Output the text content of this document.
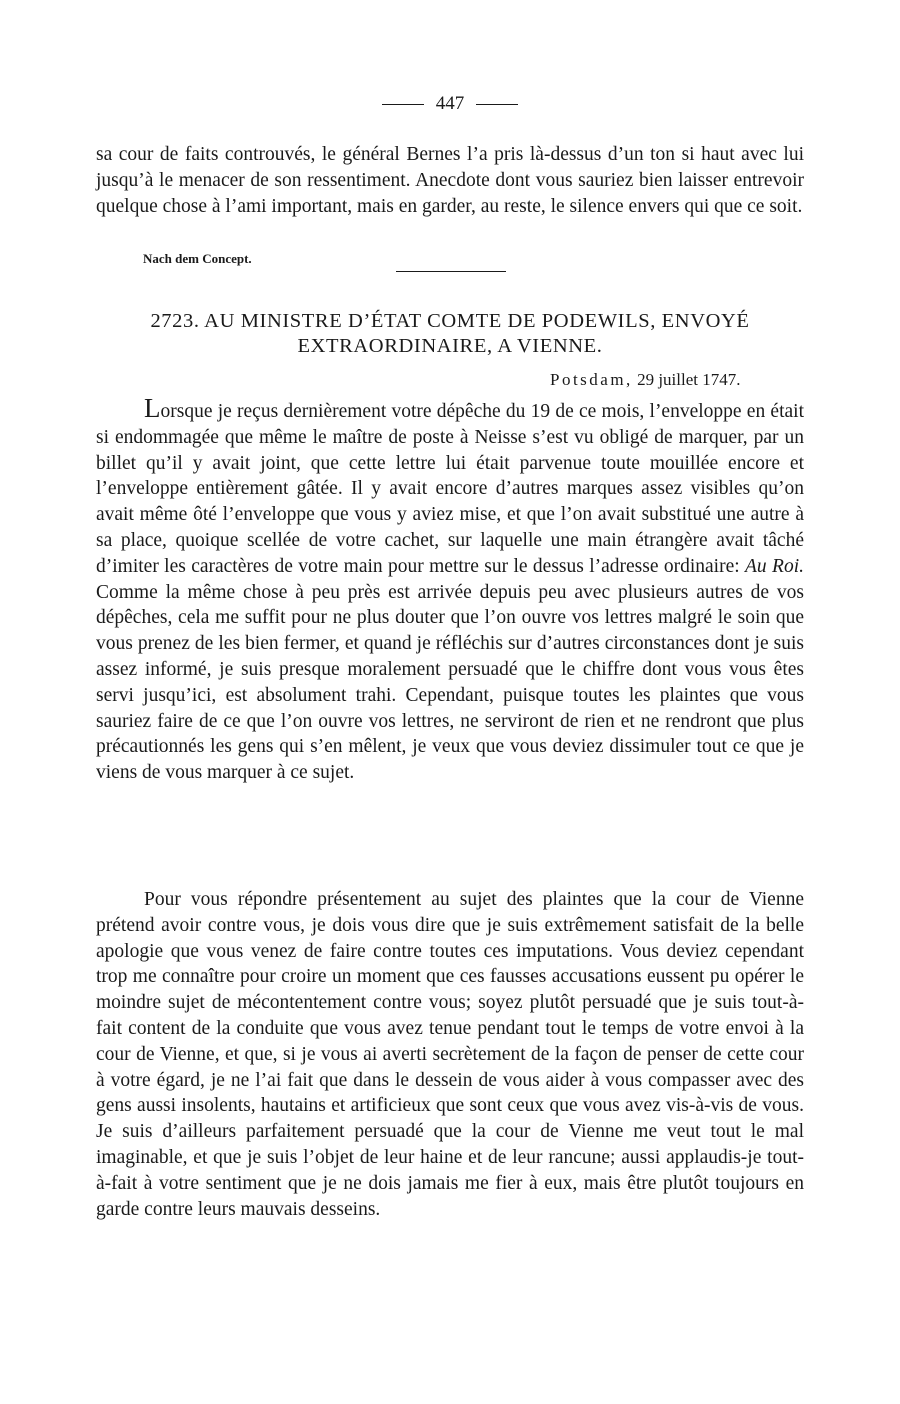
447

sa cour de faits controuvés, le général Bernes l’a pris là-dessus d’un ton si haut avec lui jusqu’à le menacer de son ressentiment. Anecdote dont vous sauriez bien laisser entrevoir quelque chose à l’ami important, mais en garder, au reste, le silence envers qui que ce soit.

Nach dem Concept.
2723. AU MINISTRE D’ÉTAT COMTE DE PODEWILS, ENVOYÉ EXTRAORDINAIRE, A VIENNE.
Potsdam, 29 juillet 1747.

Lorsque je reçus dernièrement votre dépêche du 19 de ce mois, l’enveloppe en était si endommagée que même le maître de poste à Neisse s’est vu obligé de marquer, par un billet qu’il y avait joint, que cette lettre lui était parvenue toute mouillée encore et l’enveloppe entièrement gâtée. Il y avait encore d’autres marques assez visibles qu’on avait même ôté l’enveloppe que vous y aviez mise, et que l’on avait substitué une autre à sa place, quoique scellée de votre cachet, sur laquelle une main étrangère avait tâché d’imiter les caractères de votre main pour mettre sur le dessus l’adresse ordinaire: Au Roi. Comme la même chose à peu près est arrivée depuis peu avec plusieurs autres de vos dépêches, cela me suffit pour ne plus douter que l’on ouvre vos lettres malgré le soin que vous prenez de les bien fermer, et quand je réfléchis sur d’autres circonstances dont je suis assez informé, je suis presque moralement persuadé que le chiffre dont vous vous êtes servi jusqu’ici, est absolument trahi. Cependant, puisque toutes les plaintes que vous sauriez faire de ce que l’on ouvre vos lettres, ne serviront de rien et ne rendront que plus précautionnés les gens qui s’en mêlent, je veux que vous deviez dissimuler tout ce que je viens de vous marquer à ce sujet.

Pour vous répondre présentement au sujet des plaintes que la cour de Vienne prétend avoir contre vous, je dois vous dire que je suis extrêmement satisfait de la belle apologie que vous venez de faire contre toutes ces imputations. Vous deviez cependant trop me connaître pour croire un moment que ces fausses accusations eussent pu opérer le moindre sujet de mécontentement contre vous; soyez plutôt persuadé que je suis tout-à-fait content de la conduite que vous avez tenue pendant tout le temps de votre envoi à la cour de Vienne, et que, si je vous ai averti secrètement de la façon de penser de cette cour à votre égard, je ne l’ai fait que dans le dessein de vous aider à vous compasser avec des gens aussi insolents, hautains et artificieux que sont ceux que vous avez vis-à-vis de vous. Je suis d’ailleurs parfaitement persuadé que la cour de Vienne me veut tout le mal imaginable, et que je suis l’objet de leur haine et de leur rancune; aussi applaudis-je tout-à-fait à votre sentiment que je ne dois jamais me fier à eux, mais être plutôt toujours en garde contre leurs mauvais desseins.
